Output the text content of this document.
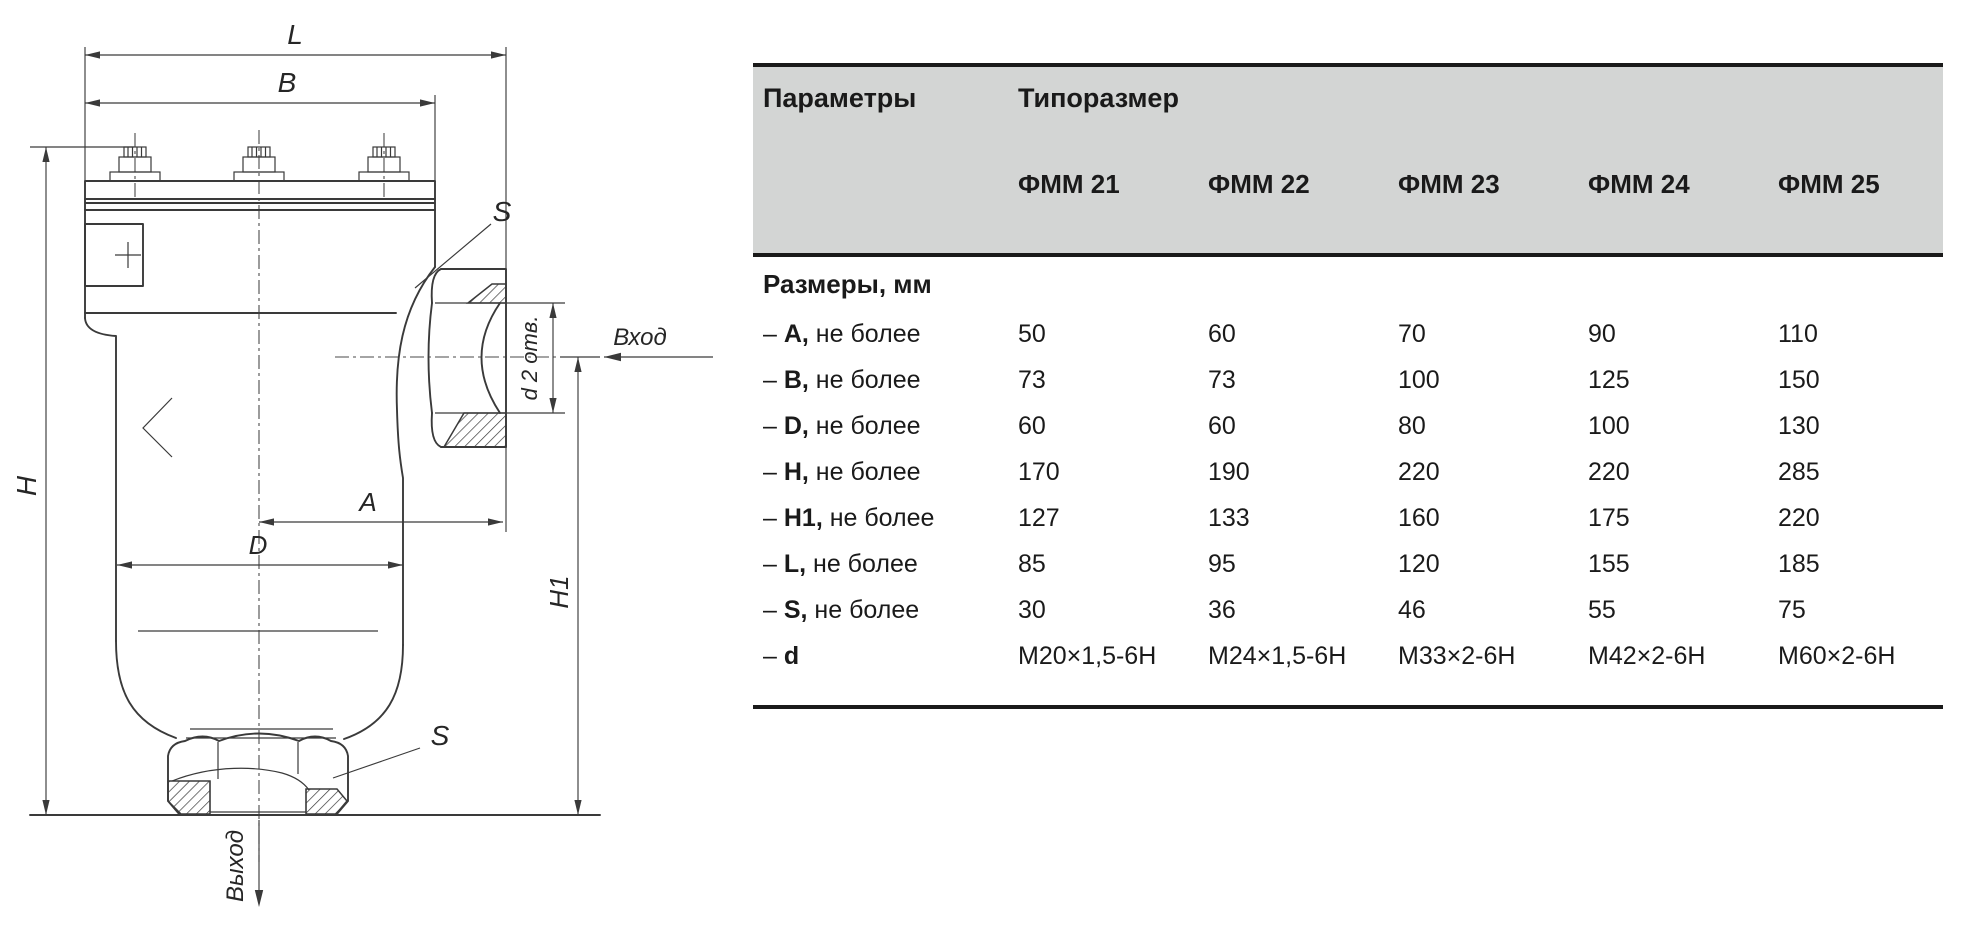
L
B
H
H1
A
D
d 2 отв.
S
S
Вход
Выход
Параметры	Типоразмер				
	ФММ 21	ФММ 22	ФММ 23	ФММ 24	ФММ 25
Размеры, мм					
– A, не более	50	60	70	90	110
– B, не более	73	73	100	125	150
– D, не более	60	60	80	100	130
– H, не более	170	190	220	220	285
– H1, не более	127	133	160	175	220
– L, не более	85	95	120	155	185
– S, не более	30	36	46	55	75
– d	M20×1,5-6H	M24×1,5-6H	M33×2-6H	M42×2-6H	M60×2-6H
